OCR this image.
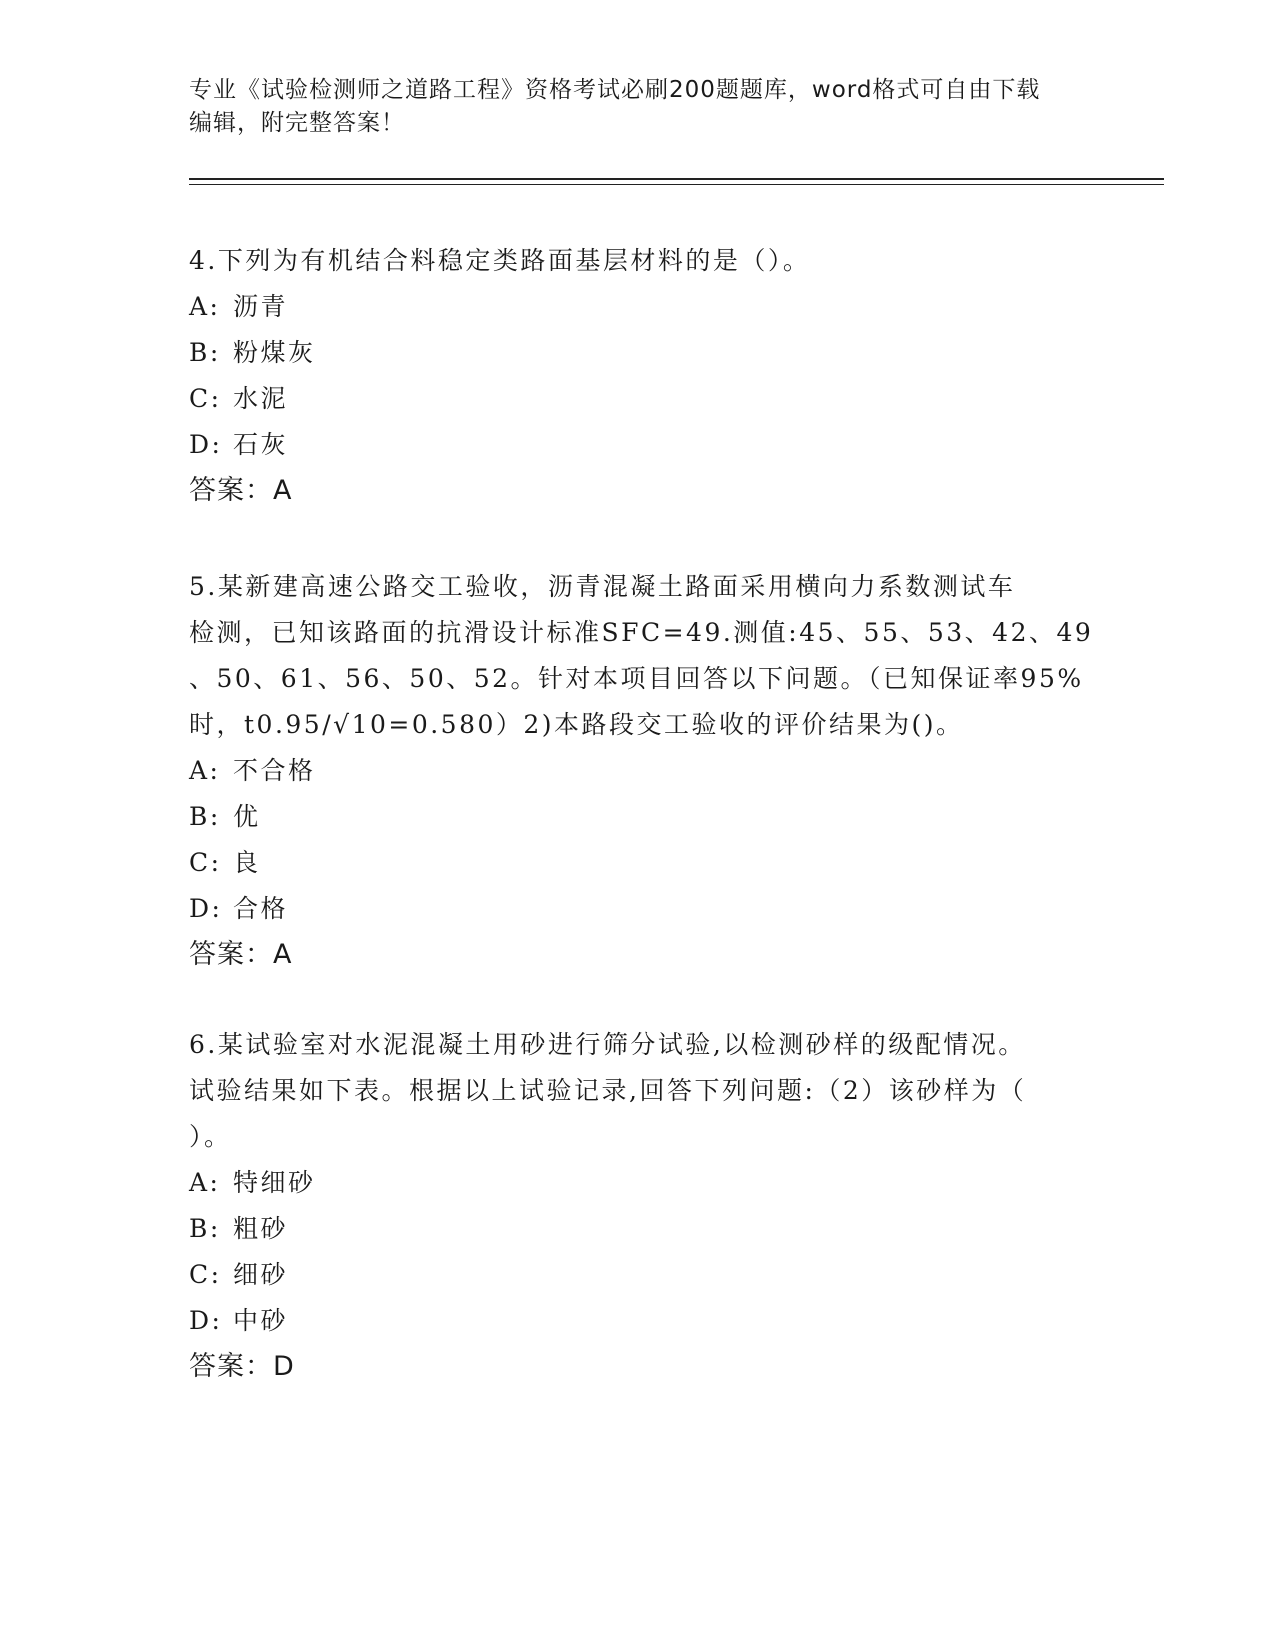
专业《试验检测师之道路工程》资格考试必刷200题题库，word格式可自由下载
编辑，附完整答案！
4.下列为有机结合料稳定类路面基层材料的是（）。
A: 沥青
B: 粉煤灰
C: 水泥
D: 石灰
答案：A
5.某新建高速公路交工验收，沥青混凝土路面采用横向力系数测试车
检测，已知该路面的抗滑设计标准SFC=49.测值:45、55、53、42、49
、50、61、56、50、52。针对本项目回答以下问题。（已知保证率95%
时，t0.95/√10=0.580）2)本路段交工验收的评价结果为()。
A: 不合格
B: 优
C: 良
D: 合格
答案：A
6.某试验室对水泥混凝土用砂进行筛分试验,以检测砂样的级配情况。
试验结果如下表。根据以上试验记录,回答下列问题:（2）该砂样为（
）。
A: 特细砂
B: 粗砂
C: 细砂
D: 中砂
答案：D
